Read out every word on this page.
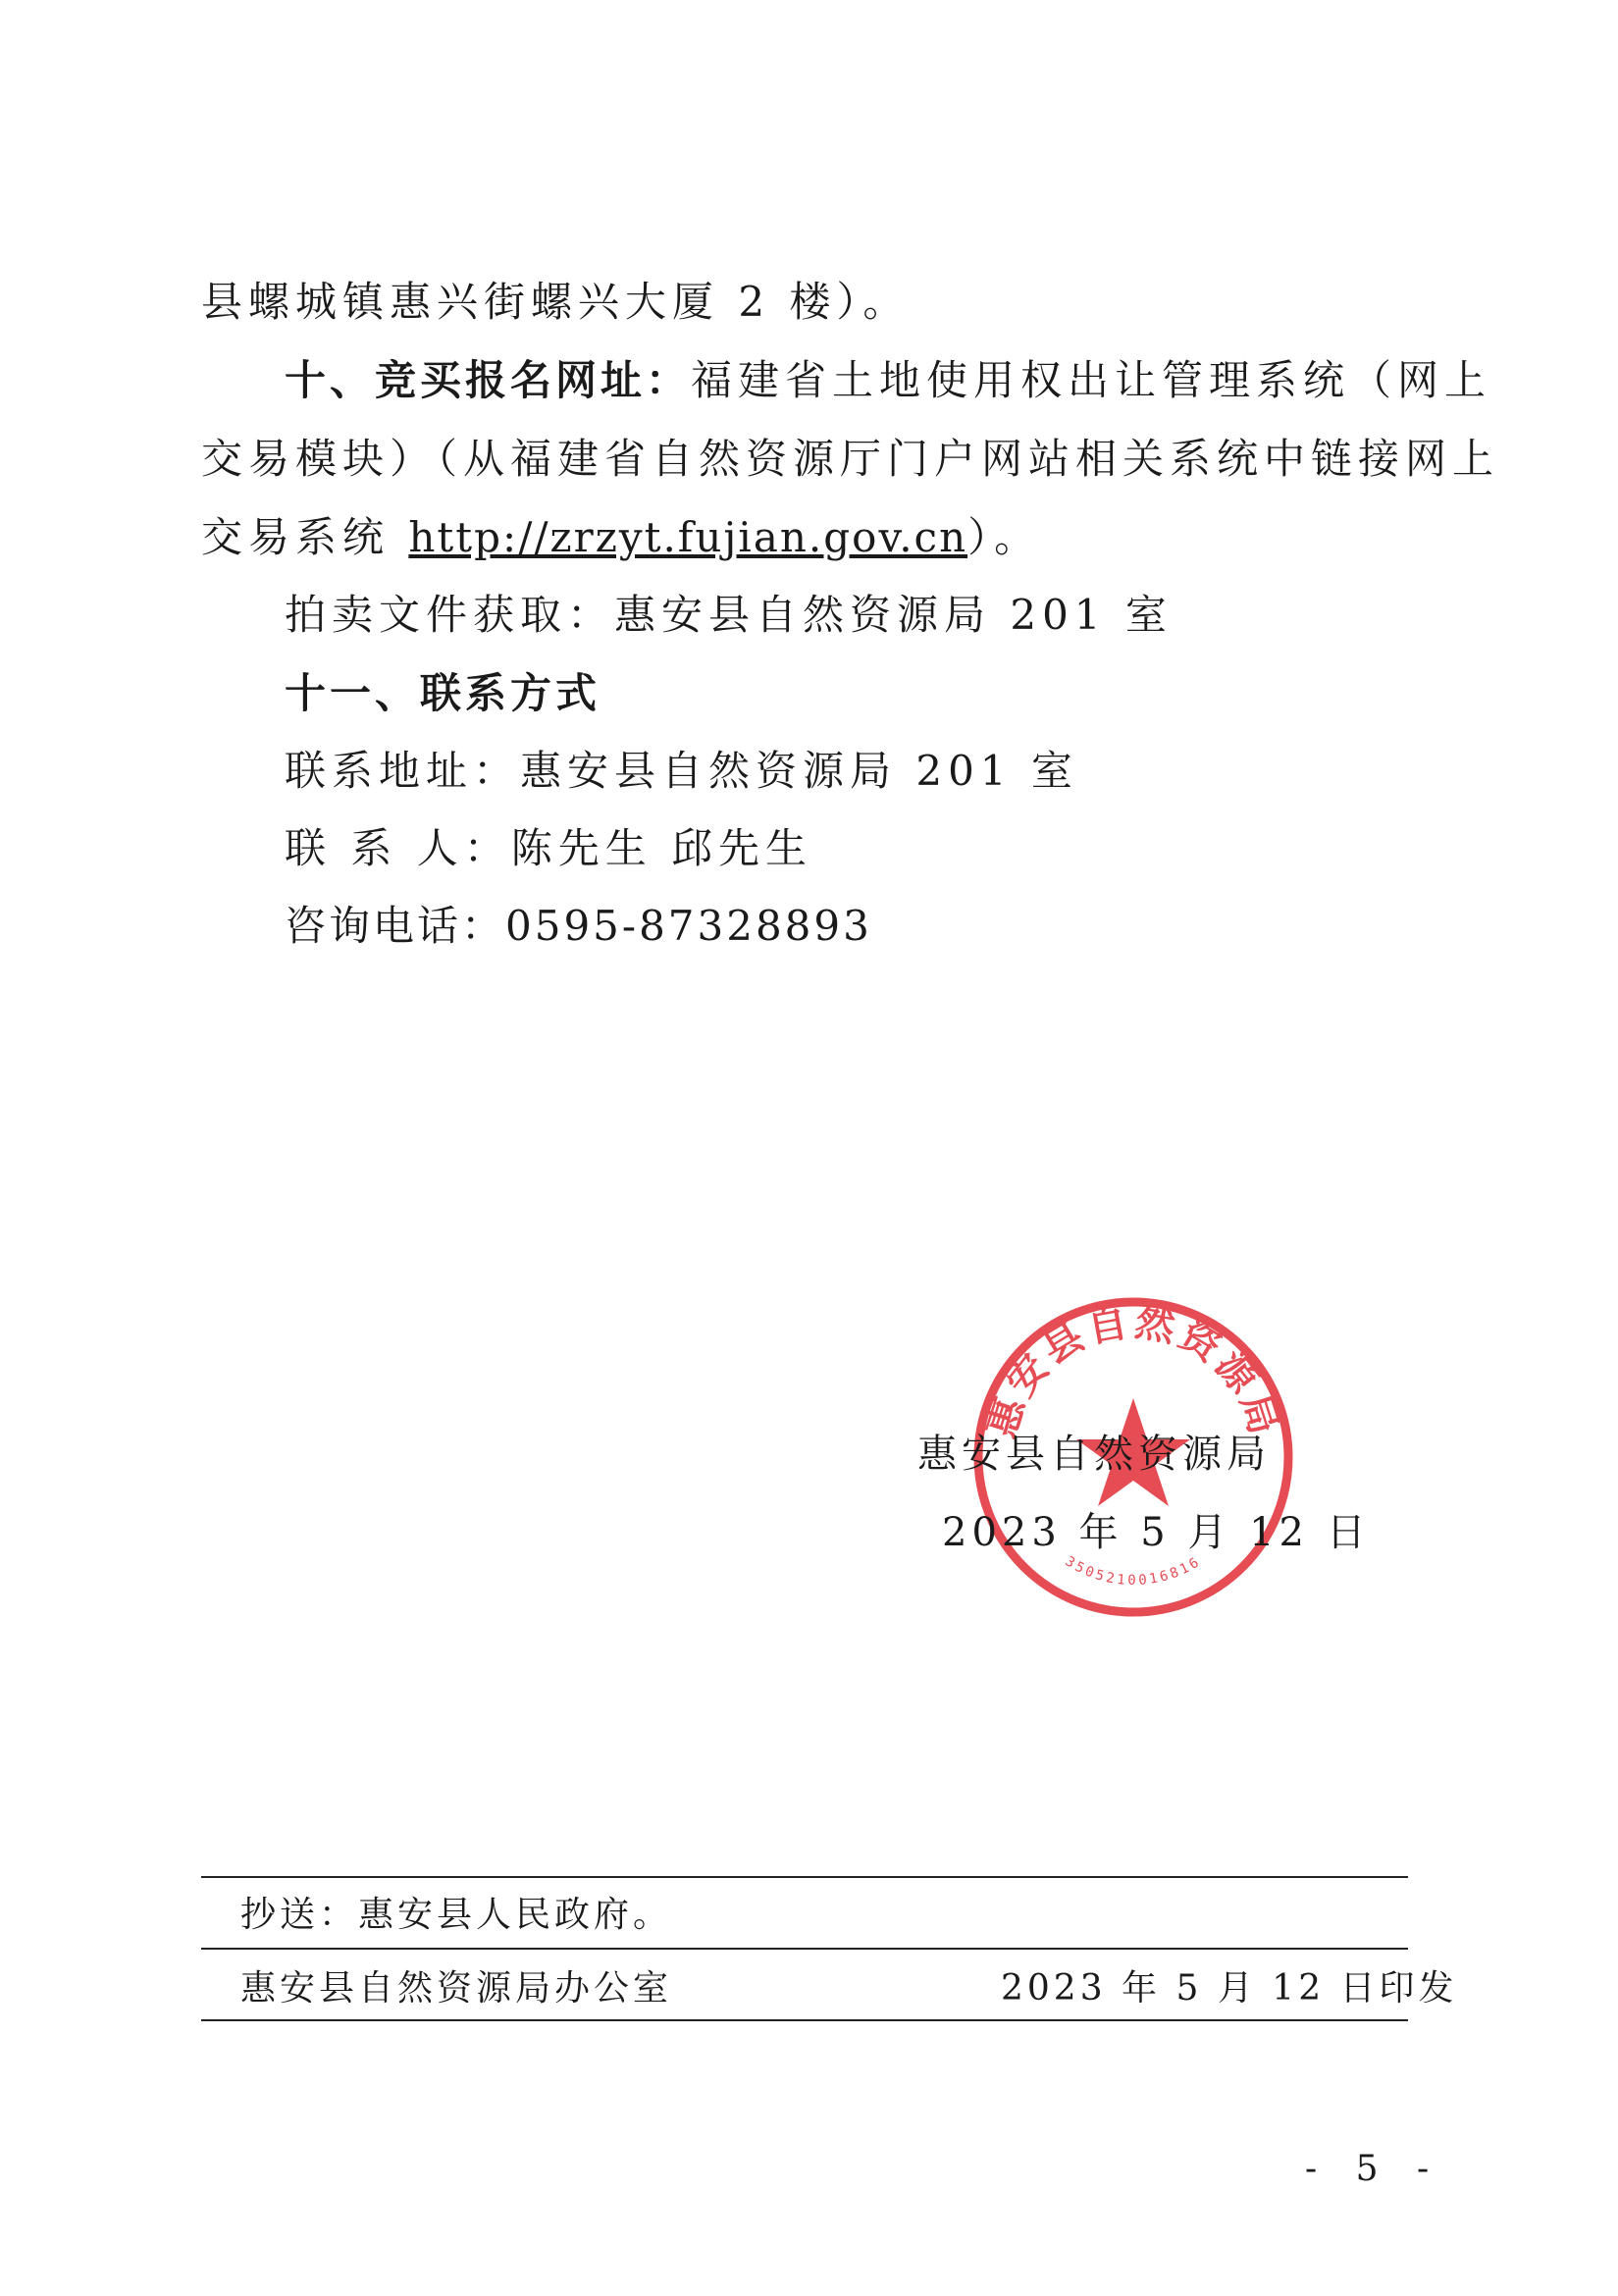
县螺城镇惠兴街螺兴大厦 2 楼）。
十、竞买报名网址：福建省土地使用权出让管理系统（网上
交易模块）（从福建省自然资源厅门户网站相关系统中链接网上
交易系统 http://zrzyt.fujian.gov.cn）。
拍卖文件获取：惠安县自然资源局 201 室
十一、联系方式
联系地址：惠安县自然资源局 201 室
联 系 人：陈先生 邱先生
咨询电话：0595-87328893
惠安县自然资源局
3505210016816
惠安县自然资源局
2023 年 5 月 12 日
抄送：惠安县人民政府。
惠安县自然资源局办公室	2023 年 5 月 12 日印发
- 5 -
